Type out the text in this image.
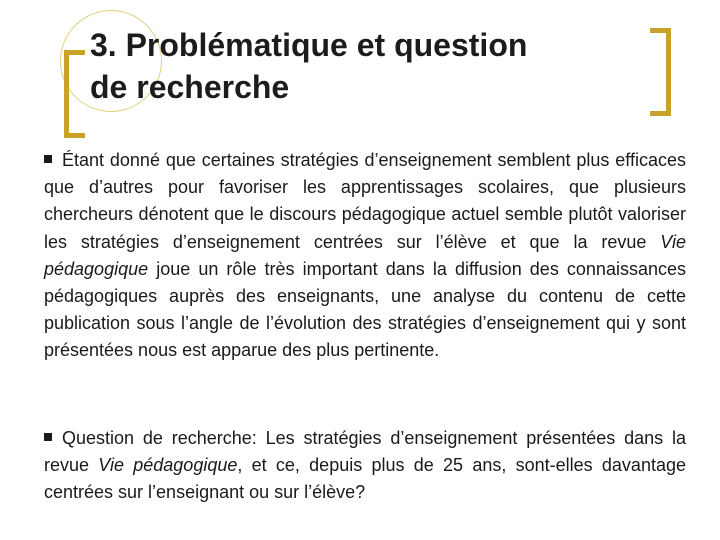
3. Problématique et question
de recherche
Étant donné que certaines stratégies d’enseignement semblent plus efficaces que d’autres pour favoriser les apprentissages scolaires, que plusieurs chercheurs dénotent que le discours pédagogique actuel semble plutôt valoriser les stratégies d’enseignement centrées sur l’élève et que la revue Vie pédagogique joue un rôle très important dans la diffusion des connaissances pédagogiques auprès des enseignants, une analyse du contenu de cette publication sous l’angle de l’évolution des stratégies d’enseignement qui y sont présentées nous est apparue des plus pertinente.
Question de recherche: Les stratégies d’enseignement présentées dans la revue Vie pédagogique, et ce, depuis plus de 25 ans, sont-elles davantage centrées sur l’enseignant ou sur l’élève?
